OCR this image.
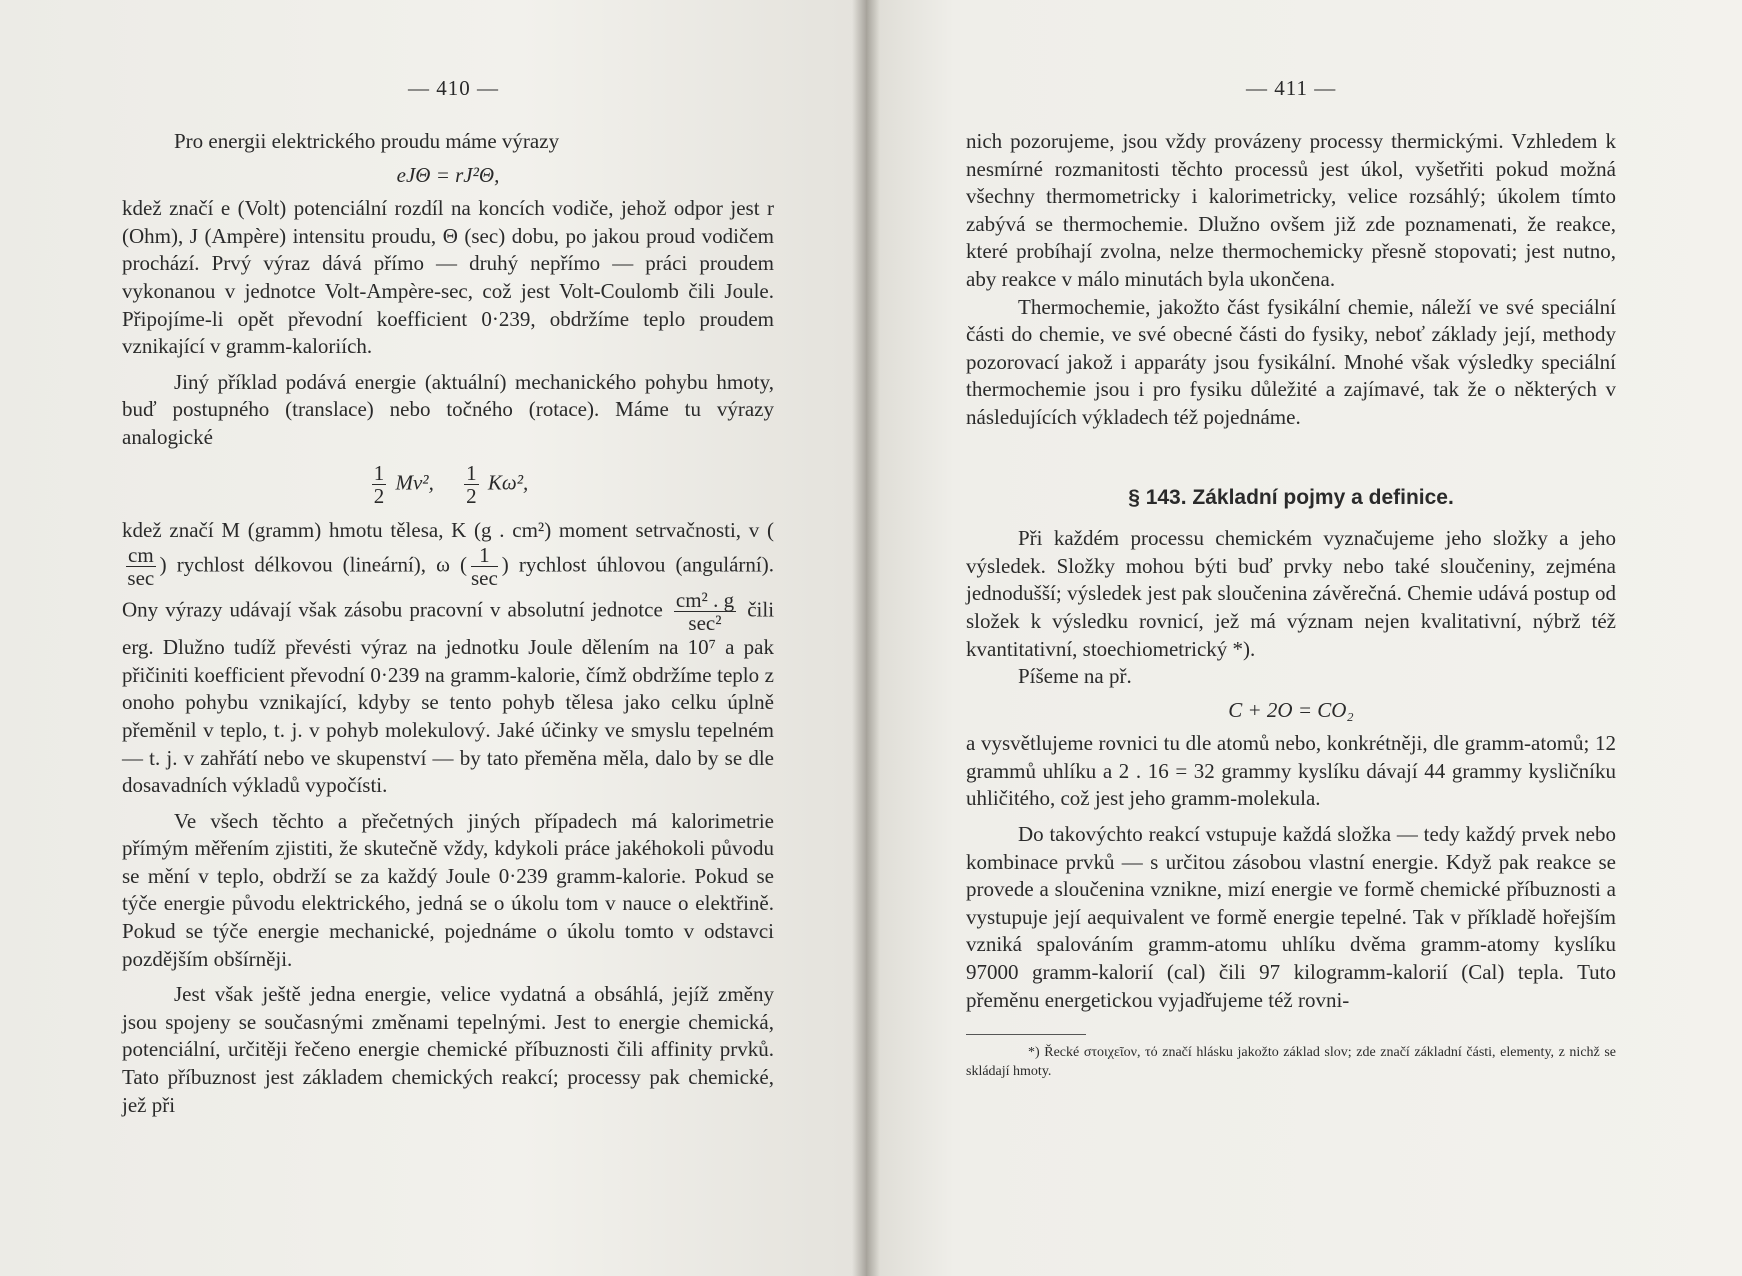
— 410 —

Pro energii elektrického proudu máme výrazy

eJΘ = rJ²Θ,

kdež značí e (Volt) potenciální rozdíl na koncích vodiče, jehož odpor jest r (Ohm), J (Ampère) intensitu proudu, Θ (sec) dobu, po jakou proud vodičem prochází. Prvý výraz dává přímo — druhý nepřímo — práci proudem vykonanou v jednotce Volt-Ampère-sec, což jest Volt-Coulomb čili Joule. Připojíme-li opět převodní koefficient 0·239, obdržíme teplo proudem vznikající v gramm-kaloriích.

Jiný příklad podává energie (aktuální) mechanického pohybu hmoty, buď postupného (translace) nebo točného (rotace). Máme tu výrazy analogické

$\frac{1}{2} Mv^2$, $\frac{1}{2} K\omega^2$,

kdež značí M (gramm) hmotu tělesa, K (g . cm²) moment setrvačnosti, v (
$\frac{cm}{\sec}$ ) rychlost délkovou (lineární), ω ( $\frac{1}{\sec}$ ) rychlost úhlovou (angulární). Ony výrazy udávají však zásobu pracovní v absolutní jednotce $\frac{\text{cm² . g}}{\text{sec²}}$ čili erg. Dlužno tudíž převésti výraz na jednotku Joule dělením na 10⁷ a pak přičiniti koefficient převodní 0·239 na gramm-kalorie, čímž obdržíme teplo z onoho pohybu vznikající, kdyby se tento pohyb tělesa jako celku úplně přeměnil v teplo, t. j. v pohyb molekulový. Jaké účinky ve smyslu tepelném — t. j. v zahřátí nebo ve skupenství — by tato přeměna měla, dalo by se dle dosavadních výkladů vypočísti.

Ve všech těchto a přečetných jiných případech má kalorimetrie přímým měřením zjistiti, že skutečně vždy, kdykoli práce jakéhokoli původu se mění v teplo, obdrží se za každý Joule 0·239 gramm-kalorie. Pokud se týče energie původu elektrického, jedná se o úkolu tom v nauce o elektřině. Pokud se týče energie mechanické, pojednáme o úkolu tomto v odstavci pozdějším obšírněji.

Jest však ještě jedna energie, velice vydatná a obsáhlá, jejíž změny jsou spojeny se současnými změnami tepelnými. Jest to energie chemická, potenciální, určitěji řečeno energie chemické příbuznosti čili affinity prvků. Tato příbuznost jest základem chemických reakcí; processy pak chemické, jež při

— 411 —

nich pozorujeme, jsou vždy provázeny processy thermickými. Vzhledem k nesmírné rozmanitosti těchto processů jest úkol, vyšetřiti pokud možná všechny thermometricky i kalorimetricky, velice rozsáhlý; úkolem tímto zabývá se thermochemie. Dlužno ovšem již zde poznamenati, že reakce, které probíhají zvolna, nelze thermochemicky přesně stopovati; jest nutno, aby reakce v málo minutách byla ukončena.

Thermochemie, jakožto část fysikální chemie, náleží ve své speciální části do chemie, ve své obecné části do fysiky, neboť základy její, methody pozorovací jakož i apparáty jsou fysikální. Mnohé však výsledky speciální thermochemie jsou i pro fysiku důležité a zajímavé, tak že o některých v následujících výkladech též pojednáme.

§ 143. Základní pojmy a definice.

Při každém processu chemickém vyznačujeme jeho složky a jeho výsledek. Složky mohou býti buď prvky nebo také sloučeniny, zejména jednodušší; výsledek jest pak sloučenina závěrečná. Chemie udává postup od složek k výsledku rovnicí, jež má význam nejen kvalitativní, nýbrž též kvantitativní, stoechiometrický *).

Píšeme na př.

C + 2O = CO₂

a vysvětlujeme rovnici tu dle atomů nebo, konkrétněji, dle gramm-atomů; 12 grammů uhlíku a 2 . 16 = 32 grammy kyslíku dávají 44 grammy kysličníku uhličitého, což jest jeho gramm-molekula.

Do takovýchto reakcí vstupuje každá složka — tedy každý prvek nebo kombinace prvků — s určitou zásobou vlastní energie. Když pak reakce se provede a sloučenina vznikne, mizí energie ve formě chemické příbuznosti a vystupuje její aequivalent ve formě energie tepelné. Tak v příkladě hořejším vzniká spalováním gramm-atomu uhlíku dvěma gramm-atomy kyslíku 97000 gramm-kalorií (cal) čili 97 kilogramm-kalorií (Cal) tepla. Tuto přeměnu energetickou vyjadřujeme též rovni-

*) Řecké στοιχεῖον, τό značí hlásku jakožto základ slov; zde značí základní části, elementy, z nichž se skládají hmoty.
